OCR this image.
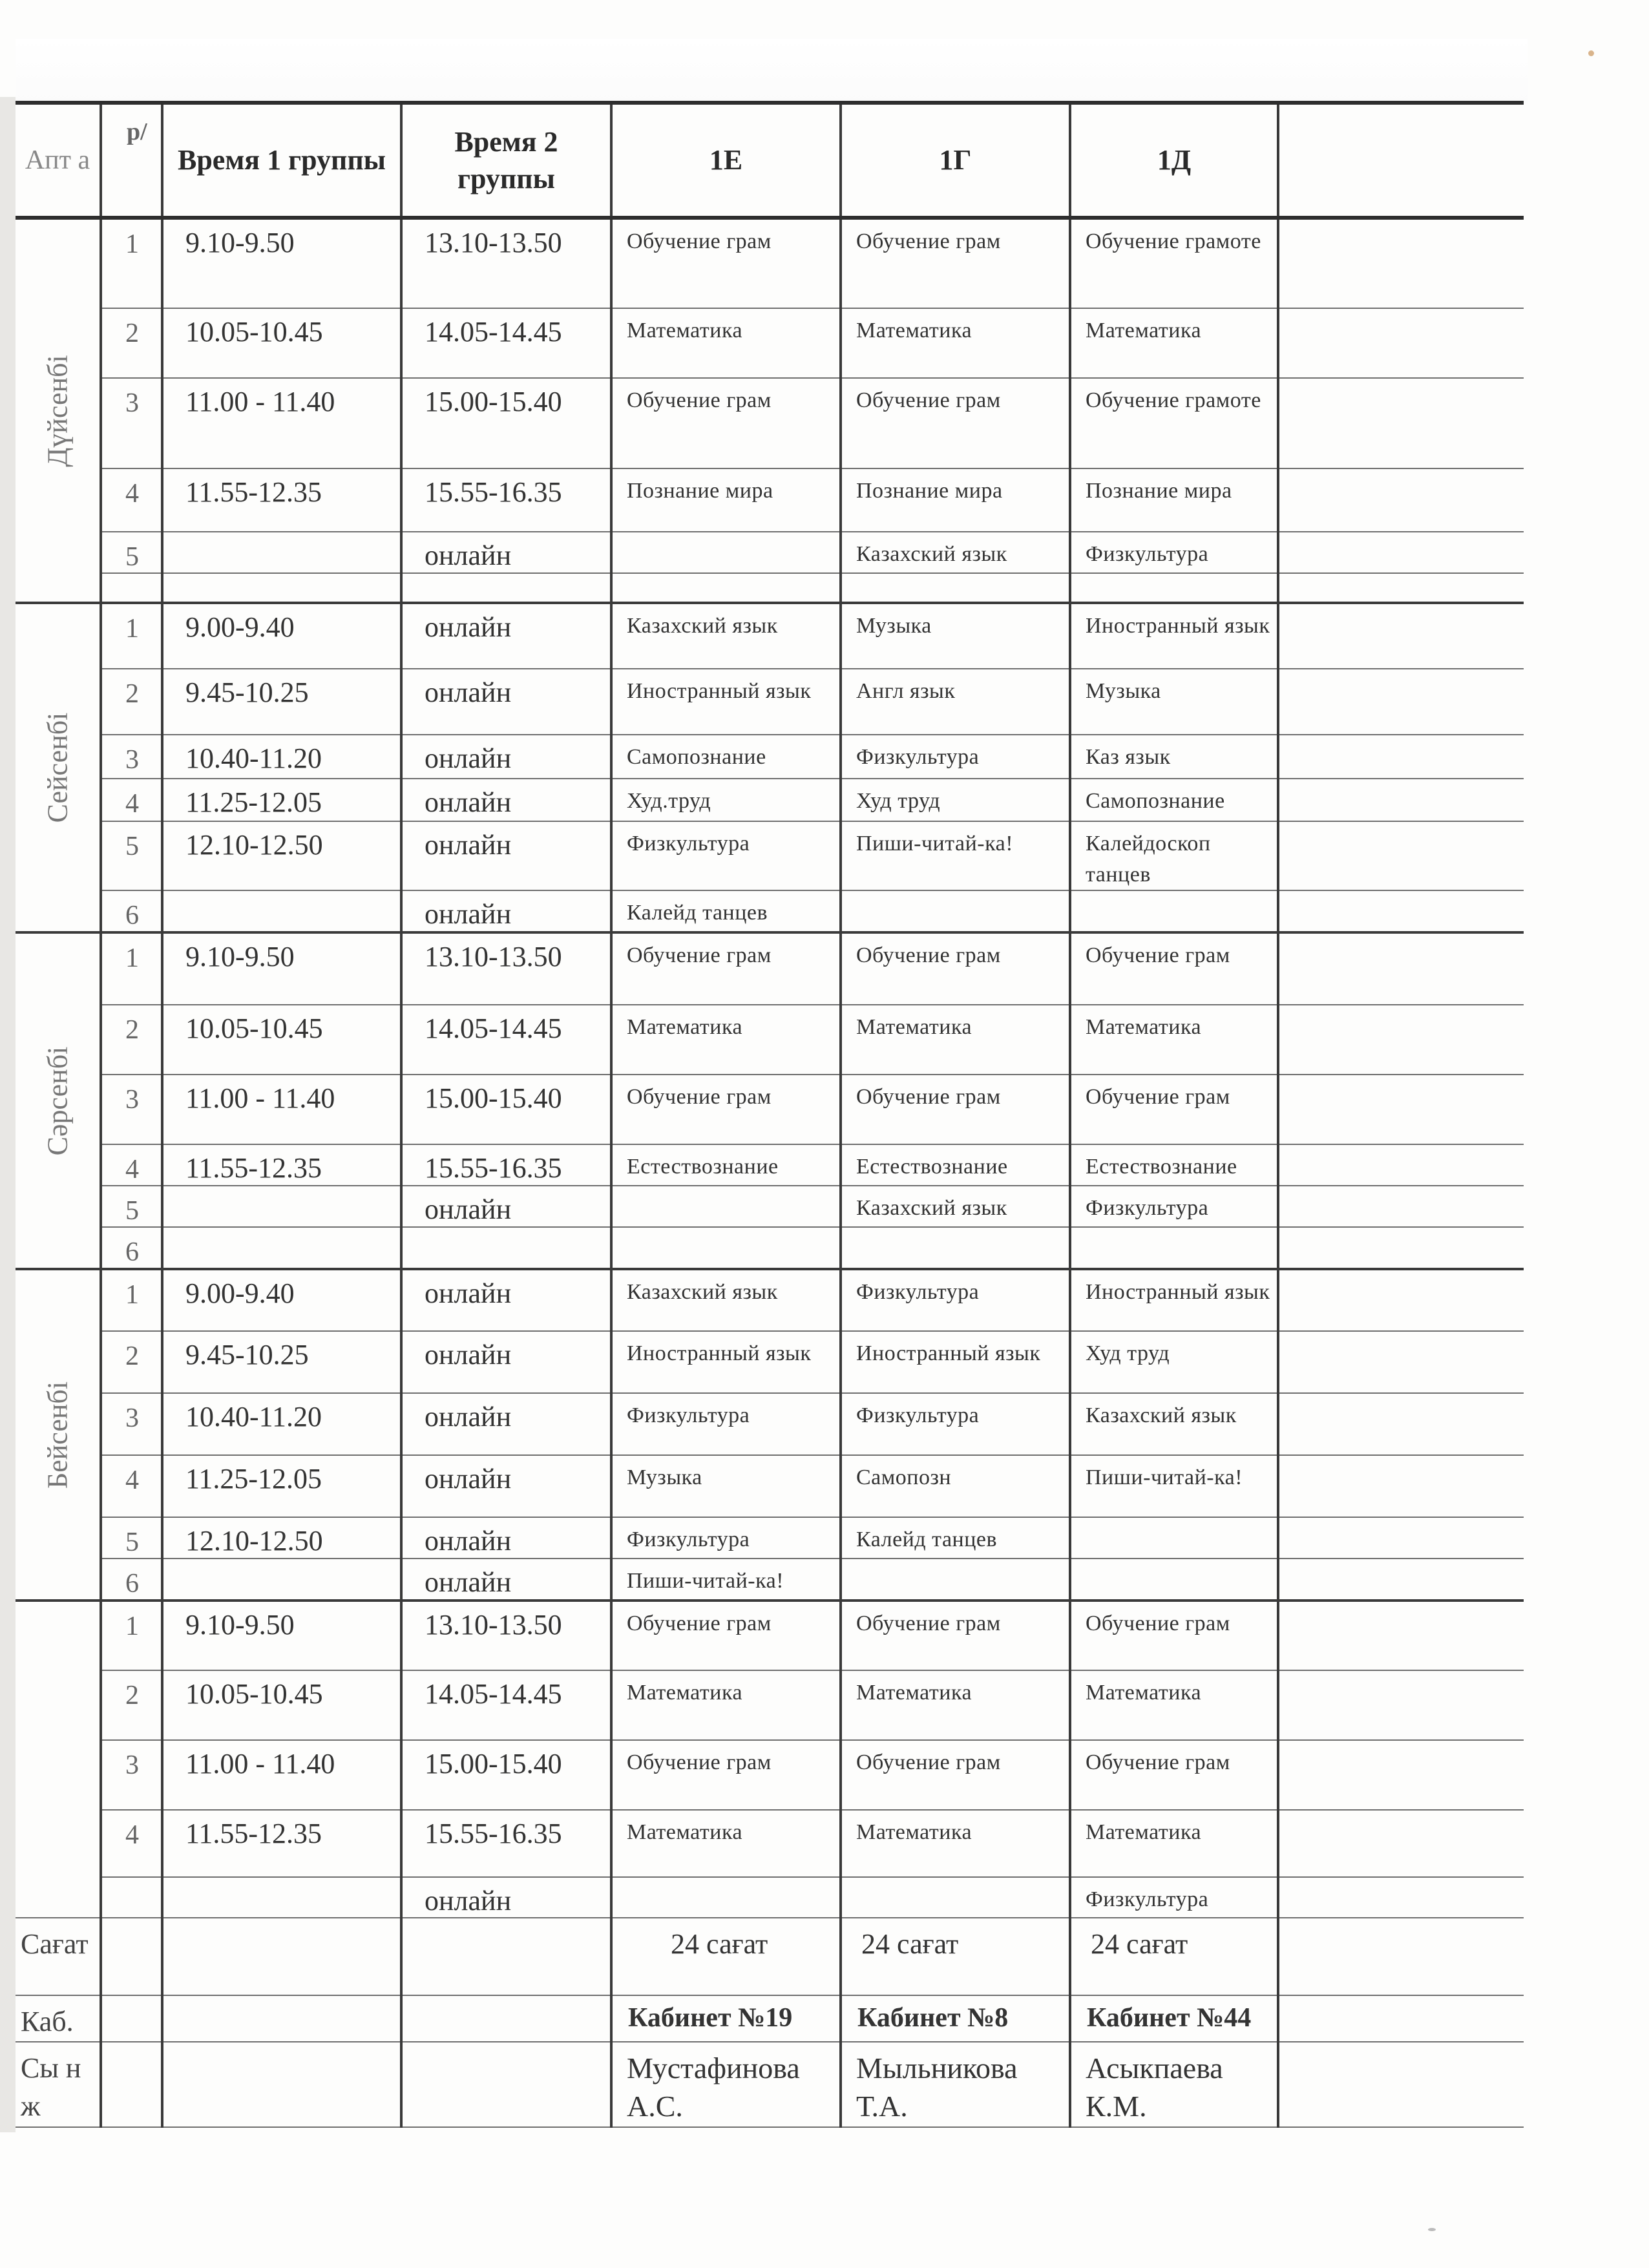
Апт а	р/	Время 1 группы	Время 2 группы	1Е	1Г	1Д	

Дүйсенбі	1	9.10-9.50	13.10-13.50	Обучение грам	Обучение грам	Обучение грамоте	
	2	10.05-10.45	14.05-14.45	Математика	Математика	Математика	
	3	11.00 - 11.40	15.00-15.40	Обучение грам	Обучение грам	Обучение грамоте	
	4	11.55-12.35	15.55-16.35	Познание мира	Познание мира	Познание мира	
	5		онлайн		Казахский язык	Физкультура	

Сейсенбі	1	9.00-9.40	онлайн	Казахский язык	Музыка	Иностранный язык	
	2	9.45-10.25	онлайн	Иностранный язык	Англ язык	Музыка	
	3	10.40-11.20	онлайн	Самопознание	Физкультура	Каз язык	
	4	11.25-12.05	онлайн	Худ.труд	Худ труд	Самопознание	
	5	12.10-12.50	онлайн	Физкультура	Пиши-читай-ка!	Калейдоскоп танцев	
	6		онлайн	Калейд танцев			

Сәрсенбі	1	9.10-9.50	13.10-13.50	Обучение грам	Обучение грам	Обучение грам	
	2	10.05-10.45	14.05-14.45	Математика	Математика	Математика	
	3	11.00 - 11.40	15.00-15.40	Обучение грам	Обучение грам	Обучение грам	
	4	11.55-12.35	15.55-16.35	Естествознание	Естествознание	Естествознание	
	5		онлайн		Казахский язык	Физкультура	
	6						

Бейсенбі	1	9.00-9.40	онлайн	Казахский язык	Физкультура	Иностранный язык	
	2	9.45-10.25	онлайн	Иностранный язык	Иностранный язык	Худ труд	
	3	10.40-11.20	онлайн	Физкультура	Физкультура	Казахский язык	
	4	11.25-12.05	онлайн	Музыка	Самопозн	Пиши-читай-ка!	
	5	12.10-12.50	онлайн	Физкультура	Калейд танцев		
	6		онлайн	Пиши-читай-ка!			

	1	9.10-9.50	13.10-13.50	Обучение грам	Обучение грам	Обучение грам	
	2	10.05-10.45	14.05-14.45	Математика	Математика	Математика	
	3	11.00 - 11.40	15.00-15.40	Обучение грам	Обучение грам	Обучение грам	
	4	11.55-12.35	15.55-16.35	Математика	Математика	Математика	
			онлайн			Физкультура	
Сағат				24 сағат	24 сағат	24 сағат	
Каб.				Кабинет №19	Кабинет №8	Кабинет №44	
Сы н ж				Мустафинова А.С.	Мыльникова Т.А.	Асыкпаева К.М.	
